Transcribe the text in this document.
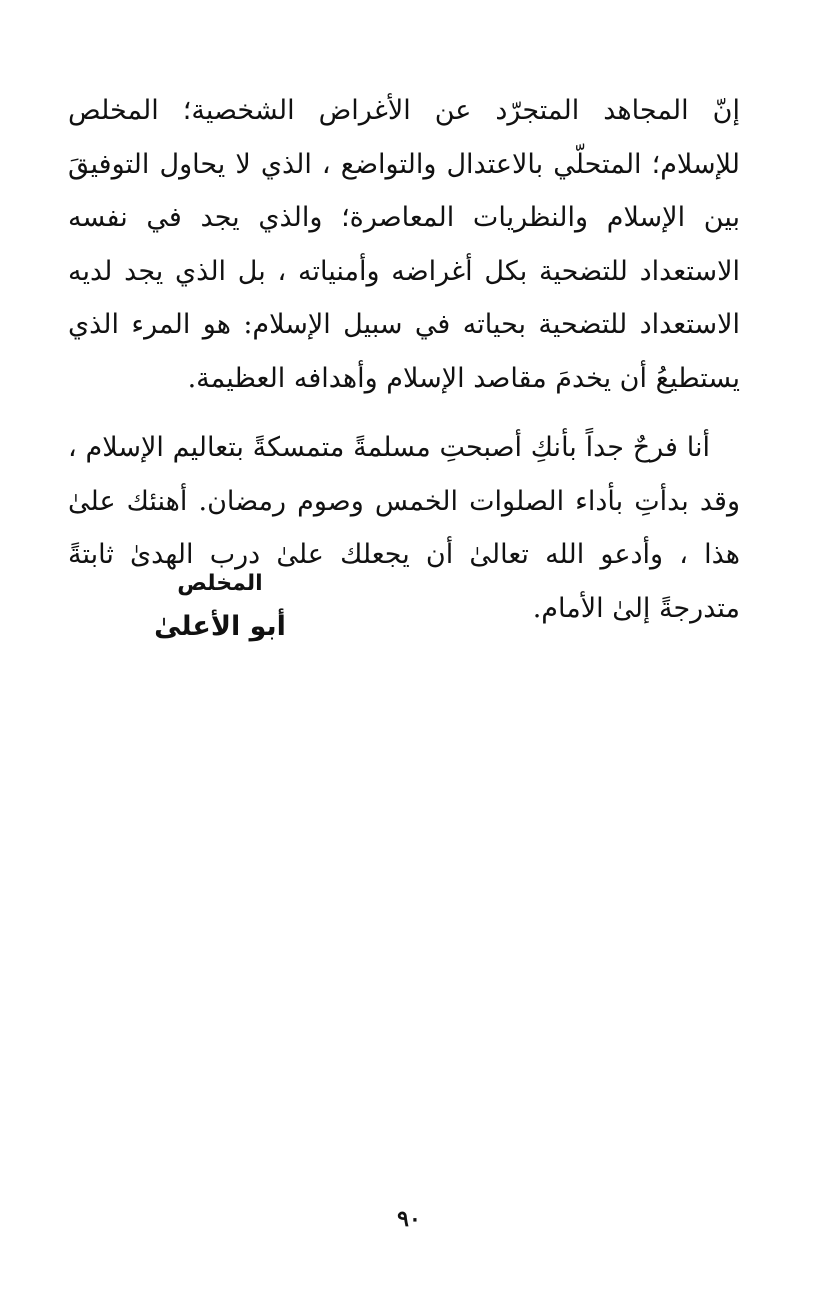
إنّ المجاهد المتجرّد عن الأغراض الشخصية؛ المخلص للإسلام؛ المتحلّي بالاعتدال والتواضع ، الذي لا يحاول التوفيقَ بين الإسلام والنظريات المعاصرة؛ والذي يجد في نفسه الاستعداد للتضحية بكل أغراضه وأمنياته ، بل الذي يجد لديه الاستعداد للتضحية بحياته في سبيل الإسلام: هو المرء الذي يستطيعُ أن يخدمَ مقاصد الإسلام وأهدافه العظيمة.

أنا فرحٌ جداً بأنكِ أصبحتِ مسلمةً متمسكةً بتعاليم الإسلام ، وقد بدأتِ بأداء الصلوات الخمس وصوم رمضان. أهنئك علىٰ هذا ، وأدعو الله تعالىٰ أن يجعلك علىٰ درب الهدىٰ ثابتةً متدرجةً إلىٰ الأمام.

المخلص
أبو الأعلىٰ
٩٠
